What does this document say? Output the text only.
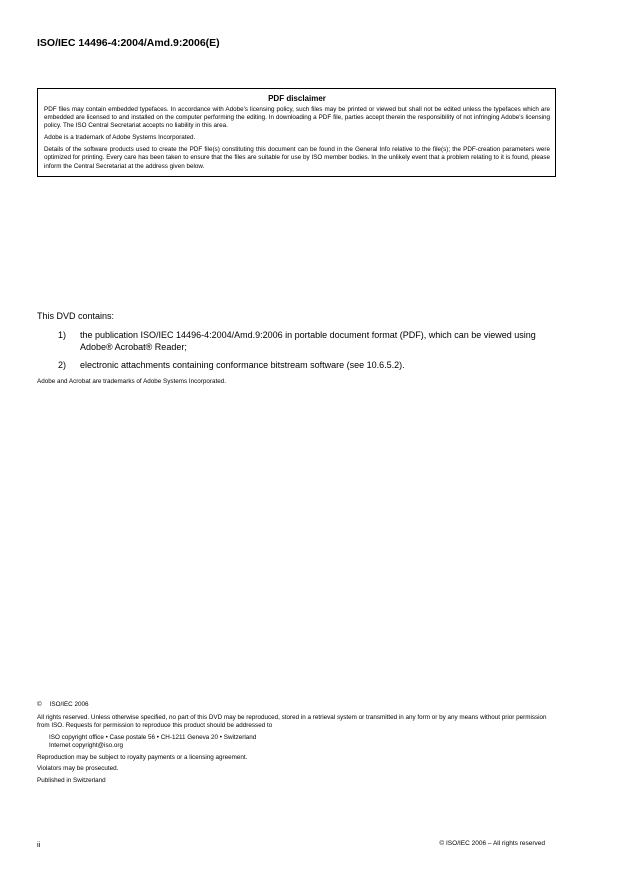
ISO/IEC 14496-4:2004/Amd.9:2006(E)
PDF disclaimer

PDF files may contain embedded typefaces. In accordance with Adobe's licensing policy, such files may be printed or viewed but shall not be edited unless the typefaces which are embedded are licensed to and installed on the computer performing the editing. In downloading a PDF file, parties accept therein the responsibility of not infringing Adobe's licensing policy. The ISO Central Secretariat accepts no liability in this area.

Adobe is a trademark of Adobe Systems Incorporated.

Details of the software products used to create the PDF file(s) constituting this document can be found in the General Info relative to the file(s); the PDF-creation parameters were optimized for printing. Every care has been taken to ensure that the files are suitable for use by ISO member bodies. In the unlikely event that a problem relating to it is found, please inform the Central Secretariat at the address given below.

This DVD contains:
1)	the publication ISO/IEC 14496-4:2004/Amd.9:2006 in portable document format (PDF), which can be viewed using Adobe® Acrobat® Reader;
2)	electronic attachments containing conformance bitstream software (see 10.6.5.2).
Adobe and Acrobat are trademarks of Adobe Systems Incorporated.

© ISO/IEC 2006

All rights reserved. Unless otherwise specified, no part of this DVD may be reproduced, stored in a retrieval system or transmitted in any form or by any means without prior permission from ISO. Requests for permission to reproduce this product should be addressed to

ISO copyright office • Case postale 56 • CH-1211 Geneva 20 • Switzerland

Internet copyright@iso.org

Reproduction may be subject to royalty payments or a licensing agreement.

Violators may be prosecuted.

Published in Switzerland

ii	© ISO/IEC 2006 – All rights reserved
